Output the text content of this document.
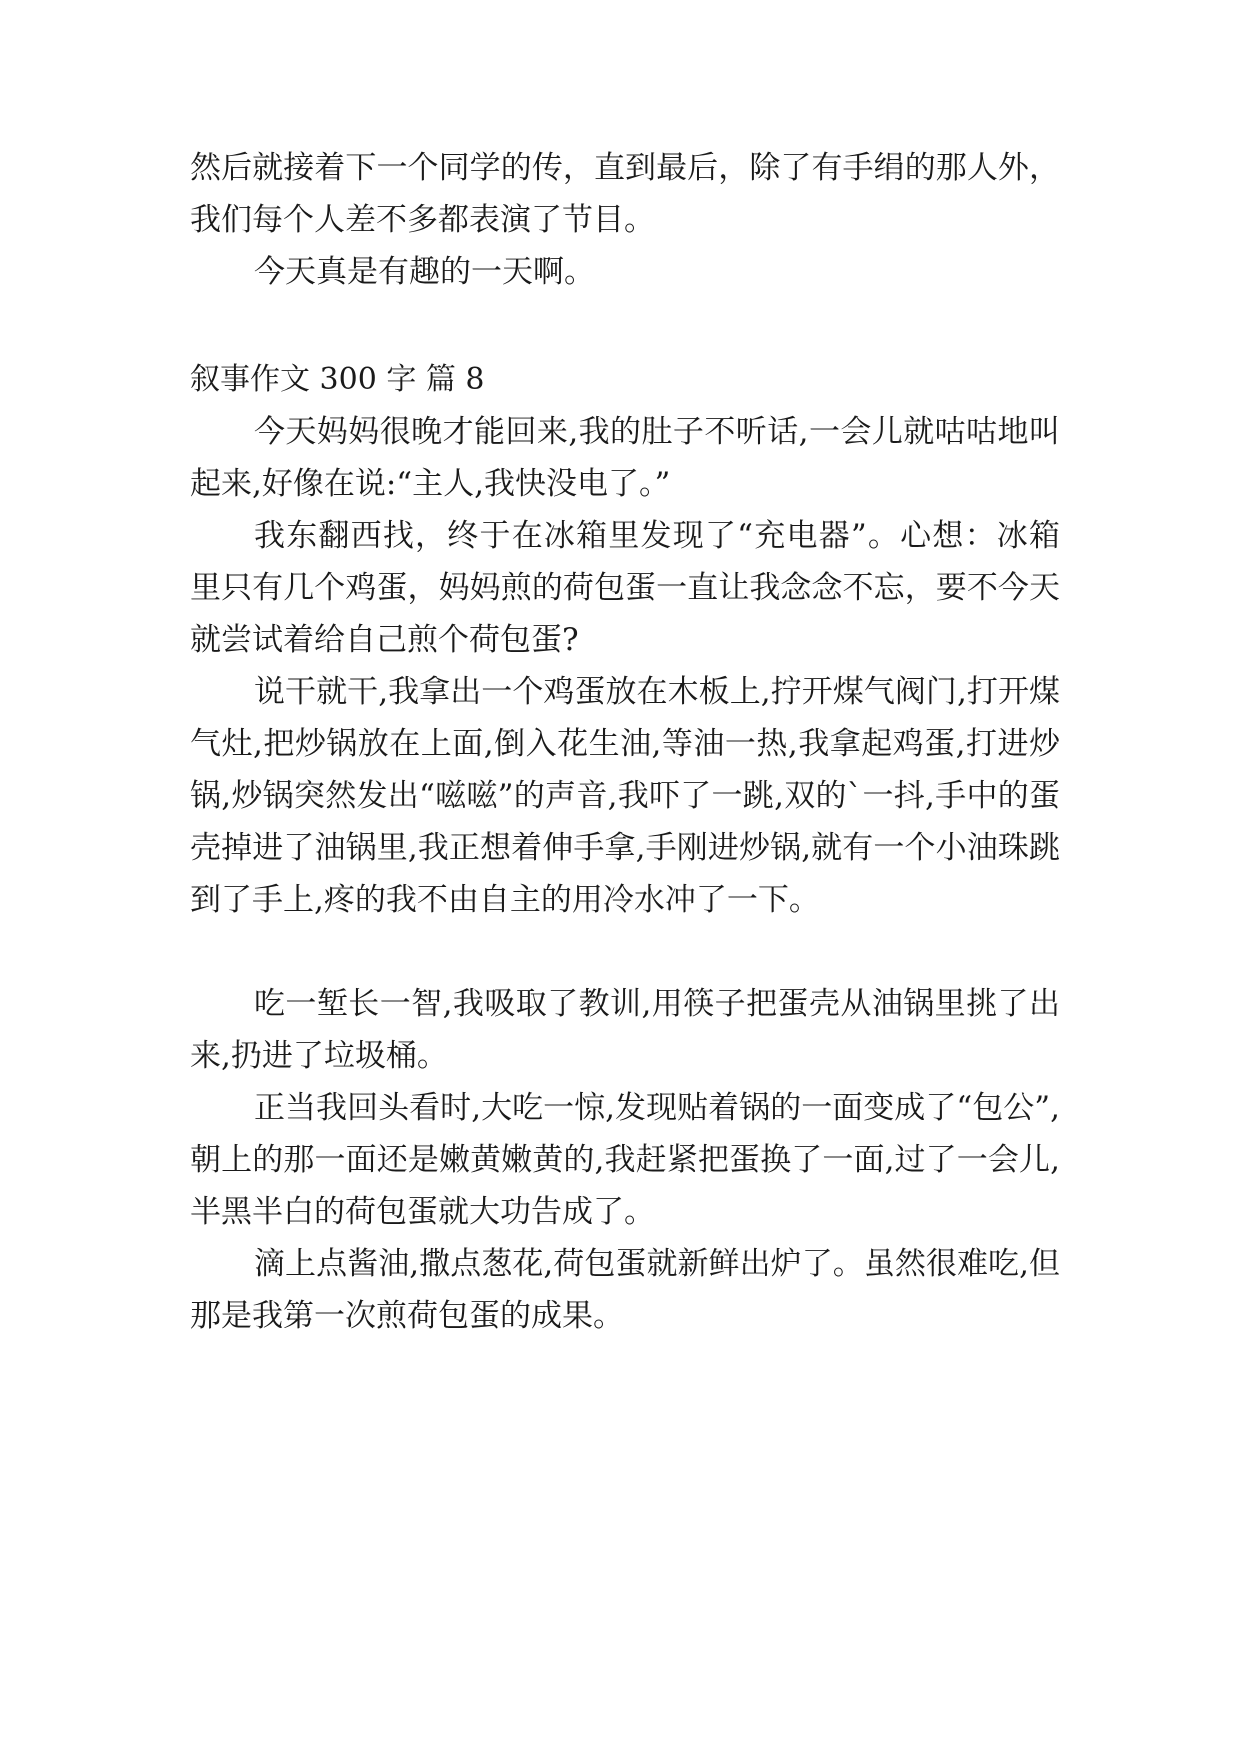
然后就接着下一个同学的传，直到最后，除了有手绢的那人外，我们每个人差不多都表演了节目。

今天真是有趣的一天啊。

叙事作文 300 字 篇 8

今天妈妈很晚才能回来,我的肚子不听话,一会儿就咕咕地叫起来,好像在说:“主人,我快没电了。”

我东翻西找，终于在冰箱里发现了“充电器”。心想：冰箱里只有几个鸡蛋，妈妈煎的荷包蛋一直让我念念不忘，要不今天就尝试着给自己煎个荷包蛋?

说干就干,我拿出一个鸡蛋放在木板上,拧开煤气阀门,打开煤气灶,把炒锅放在上面,倒入花生油,等油一热,我拿起鸡蛋,打进炒锅,炒锅突然发出“嗞嗞”的声音,我吓了一跳,双的`一抖,手中的蛋壳掉进了油锅里,我正想着伸手拿,手刚进炒锅,就有一个小油珠跳到了手上,疼的我不由自主的用冷水冲了一下。

吃一堑长一智,我吸取了教训,用筷子把蛋壳从油锅里挑了出来,扔进了垃圾桶。

正当我回头看时,大吃一惊,发现贴着锅的一面变成了“包公”,朝上的那一面还是嫩黄嫩黄的,我赶紧把蛋换了一面,过了一会儿,半黑半白的荷包蛋就大功告成了。

滴上点酱油,撒点葱花,荷包蛋就新鲜出炉了。虽然很难吃,但那是我第一次煎荷包蛋的成果。
